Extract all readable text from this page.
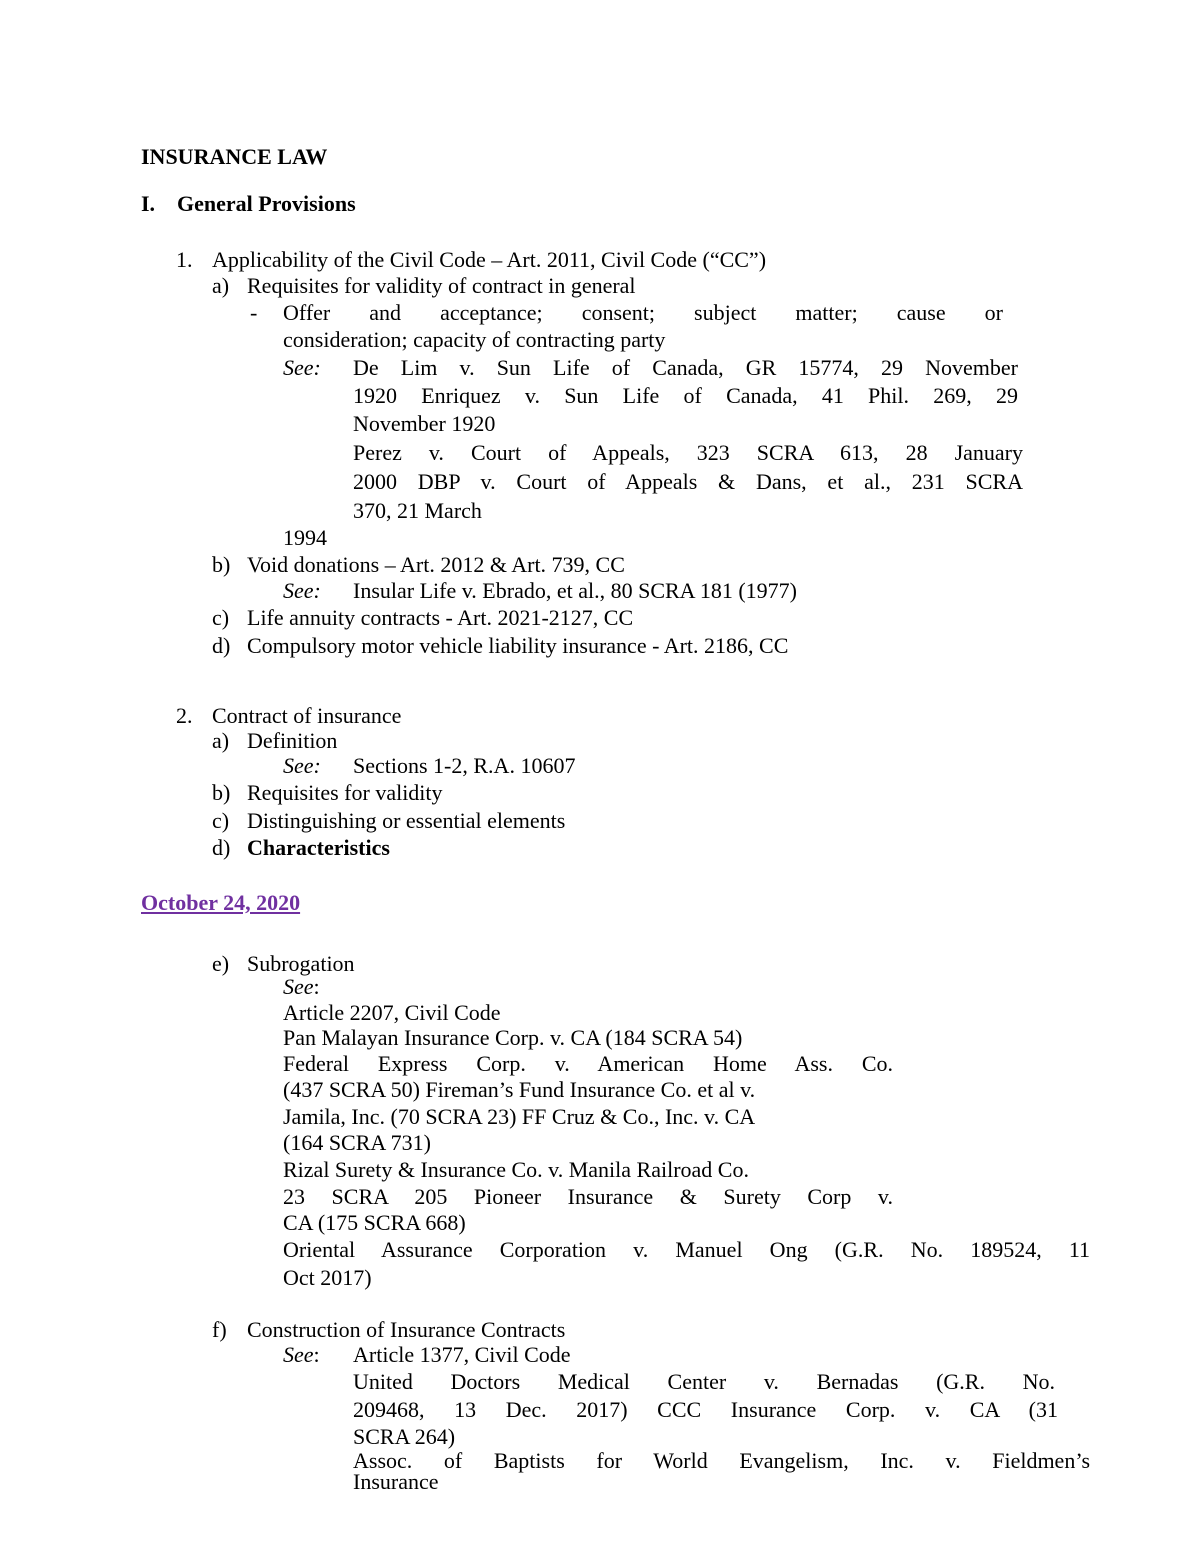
INSURANCE LAW
I. General Provisions
1. Applicability of the Civil Code – Art. 2011, Civil Code (“CC”)
a) Requisites for validity of contract in general
- Offer and acceptance; consent; subject matter; cause or
consideration; capacity of contracting party
See: De Lim v. Sun Life of Canada, GR 15774, 29 November
1920 Enriquez v. Sun Life of Canada, 41 Phil. 269, 29
November 1920
Perez v. Court of Appeals, 323 SCRA 613, 28 January
2000 DBP v. Court of Appeals & Dans, et al., 231 SCRA
370, 21 March
1994
b) Void donations – Art. 2012 & Art. 739, CC
See: Insular Life v. Ebrado, et al., 80 SCRA 181 (1977)
c) Life annuity contracts - Art. 2021-2127, CC
d) Compulsory motor vehicle liability insurance - Art. 2186, CC
2. Contract of insurance
a) Definition
See: Sections 1-2, R.A. 10607
b) Requisites for validity
c) Distinguishing or essential elements
d) Characteristics
October 24, 2020
e) Subrogation
See:
Article 2207, Civil Code
Pan Malayan Insurance Corp. v. CA (184 SCRA 54)
Federal Express Corp. v. American Home Ass. Co.
(437 SCRA 50) Fireman’s Fund Insurance Co. et al v.
Jamila, Inc. (70 SCRA 23) FF Cruz & Co., Inc. v. CA
(164 SCRA 731)
Rizal Surety & Insurance Co. v. Manila Railroad Co.
23 SCRA 205 Pioneer Insurance & Surety Corp v.
CA (175 SCRA 668)
Oriental Assurance Corporation v. Manuel Ong (G.R. No. 189524, 11
Oct 2017)
f) Construction of Insurance Contracts
See: Article 1377, Civil Code
United Doctors Medical Center v. Bernadas (G.R. No.
209468, 13 Dec. 2017) CCC Insurance Corp. v. CA (31
SCRA 264)
Assoc. of Baptists for World Evangelism, Inc. v. Fieldmen’s
Insurance
